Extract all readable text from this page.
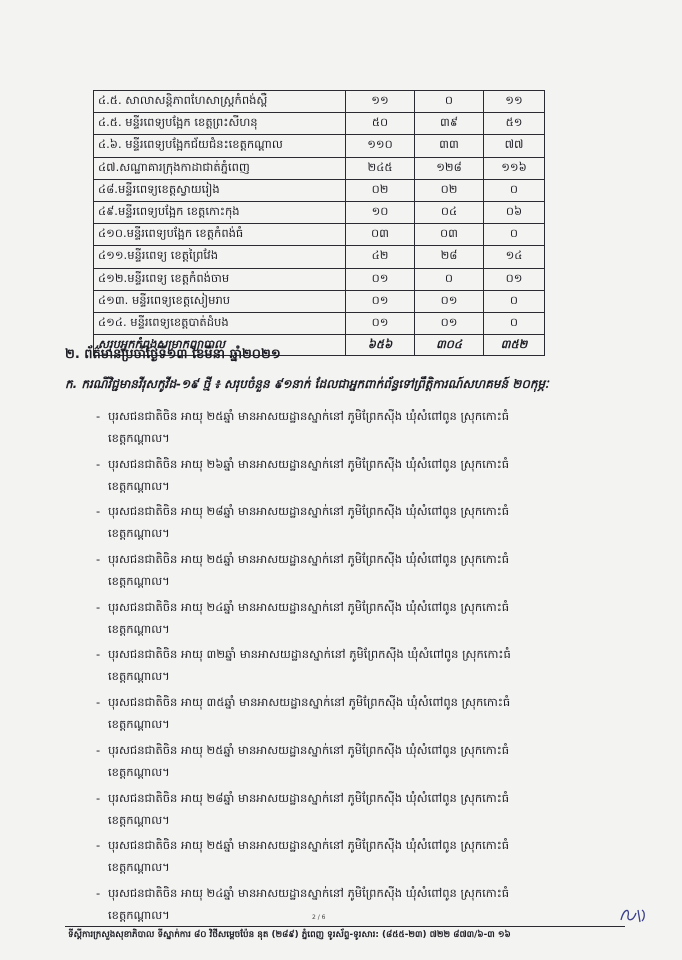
៤.៥. សាលាសន្តិភាពហែសាស្រ្តកំពង់ស្ពឺ	១១	០	១១
៤.៥. មន្ទីរពេទ្យបង្អែក ខេត្តព្រះសីហនុ	៥០	៣៩	៥១
៤.៦. មន្ទីរពេទ្យបង្អែកជ័យជំនះខេត្តកណ្ដាល	១១០	៣៣	៧៧
៤៧.សណ្ឋាគារក្រុងកាដាជាត់ភ្នំពេញ	២៤៥	១២៨	១១៦
៤៨.មន្ទីរពេទ្យខេត្តស្វាយរៀង	០២	០២	០
៤៩.មន្ទីរពេទ្យបង្អែក ខេត្តកោះកុង	១០	០៤	០៦
៤១០.មន្ទីរពេទ្យបង្អែក ខេត្តកំពង់ធំ	០៣	០៣	០
៤១១.មន្ទីរពេទ្យ ខេត្តព្រៃវែង	៤២	២៨	១៤
៤១២.មន្ទីរពេទ្យ ខេត្តកំពង់ចាម	០១	០	០១
៤១៣. មន្ទីរពេទ្យខេត្តសៀមរាប	០១	០១	០
៤១៤. មន្ទីរពេទ្យខេត្តបាត់ដំបង	០១	០១	០
សរុបអ្នកកំពុងសម្រាកព្យាបាល	៦៥៦	៣០៤	៣៥២
២. ព័ត៌មានប្រចាំថ្ងៃទី១៣ ខែមីនា ឆ្នាំ២០២១
ក. ករណីវិជ្ជមានវីរុសកូវីដ-១៩ ថ្មី ៖ សរុបចំនួន ៩១នាក់ ដែលជាអ្នកពាក់ព័ន្ធទៅព្រឹត្តិការណ៍សហគមន៍ ២០កុម្ភៈ
- បុរសជនជាតិចិន អាយុ ២៥ឆ្នាំ មានអាសយដ្ឋានស្នាក់នៅ ភូមិព្រែកស៊ីង ឃុំសំពៅពូន ស្រុកកោះធំ
ខេត្តកណ្ដាល។
- បុរសជនជាតិចិន អាយុ ២៦ឆ្នាំ មានអាសយដ្ឋានស្នាក់នៅ ភូមិព្រែកស៊ីង ឃុំសំពៅពូន ស្រុកកោះធំ
ខេត្តកណ្ដាល។
- បុរសជនជាតិចិន អាយុ ២៨ឆ្នាំ មានអាសយដ្ឋានស្នាក់នៅ ភូមិព្រែកស៊ីង ឃុំសំពៅពូន ស្រុកកោះធំ
ខេត្តកណ្ដាល។
- បុរសជនជាតិចិន អាយុ ២៥ឆ្នាំ មានអាសយដ្ឋានស្នាក់នៅ ភូមិព្រែកស៊ីង ឃុំសំពៅពូន ស្រុកកោះធំ
ខេត្តកណ្ដាល។
- បុរសជនជាតិចិន អាយុ ២៤ឆ្នាំ មានអាសយដ្ឋានស្នាក់នៅ ភូមិព្រែកស៊ីង ឃុំសំពៅពូន ស្រុកកោះធំ
ខេត្តកណ្ដាល។
- បុរសជនជាតិចិន អាយុ ៣២ឆ្នាំ មានអាសយដ្ឋានស្នាក់នៅ ភូមិព្រែកស៊ីង ឃុំសំពៅពូន ស្រុកកោះធំ
ខេត្តកណ្ដាល។
- បុរសជនជាតិចិន អាយុ ៣៥ឆ្នាំ មានអាសយដ្ឋានស្នាក់នៅ ភូមិព្រែកស៊ីង ឃុំសំពៅពូន ស្រុកកោះធំ
ខេត្តកណ្ដាល។
- បុរសជនជាតិចិន អាយុ ២៥ឆ្នាំ មានអាសយដ្ឋានស្នាក់នៅ ភូមិព្រែកស៊ីង ឃុំសំពៅពូន ស្រុកកោះធំ
ខេត្តកណ្ដាល។
- បុរសជនជាតិចិន អាយុ ២៨ឆ្នាំ មានអាសយដ្ឋានស្នាក់នៅ ភូមិព្រែកស៊ីង ឃុំសំពៅពូន ស្រុកកោះធំ
ខេត្តកណ្ដាល។
- បុរសជនជាតិចិន អាយុ ២៥ឆ្នាំ មានអាសយដ្ឋានស្នាក់នៅ ភូមិព្រែកស៊ីង ឃុំសំពៅពូន ស្រុកកោះធំ
ខេត្តកណ្ដាល។
- បុរសជនជាតិចិន អាយុ ២៤ឆ្នាំ មានអាសយដ្ឋានស្នាក់នៅ ភូមិព្រែកស៊ីង ឃុំសំពៅពូន ស្រុកកោះធំ
ខេត្តកណ្ដាល។	2 / 6
ទីស្តីការក្រសួងសុខាភិបាល ទីស្នាក់ការ ៨០ វិថីសម្តេចប៉ែន នុត (២៨៩) ភ្នំពេញ ទូរស័ព្ទ-ទូរសារ: (៨៥៥-២៣) ៧២២ ៨៧៣/៦-៣ ១៦
